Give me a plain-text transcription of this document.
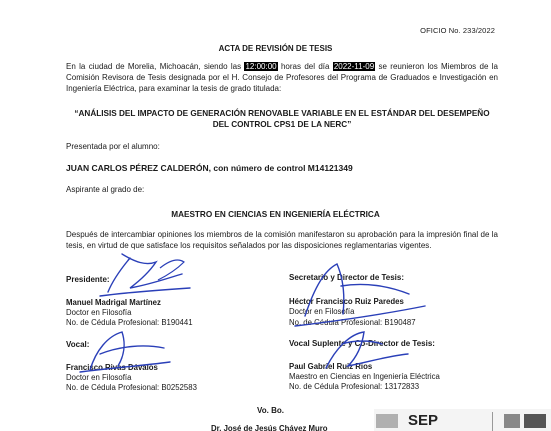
OFICIO No. 233/2022
ACTA DE REVISIÓN DE TESIS
En la ciudad de Morelia, Michoacán, siendo las 12:00:00 horas del día 2022-11-09 se reunieron los Miembros de la Comisión Revisora de Tesis designada por el H. Consejo de Profesores del Programa de Graduados e Investigación en Ingeniería Eléctrica, para examinar la tesis de grado titulada:
“ANÁLISIS DEL IMPACTO DE GENERACIÓN RENOVABLE VARIABLE EN EL ESTÁNDAR DEL DESEMPEÑO DEL CONTROL CPS1 DE LA NERC”
Presentada por el alumno:
JUAN CARLOS PÉREZ CALDERÓN, con número de control M14121349
Aspirante al grado de:
MAESTRO EN CIENCIAS EN INGENIERÍA ELÉCTRICA
Después de intercambiar opiniones los miembros de la comisión manifestaron su aprobación para la impresión final de la tesis, en virtud de que satisface los requisitos señalados por las disposiciones reglamentarias vigentes.
Presidente:
Manuel Madrigal Martínez
Doctor en Filosofía
No. de Cédula Profesional: B190441
Secretario y Director de Tesis:
Héctor Francisco Ruiz Paredes
Doctor en Filosofía
No. de Cédula Profesional: B190487
Vocal:
Francisco Rivas Dávalos
Doctor en Filosofía
No. de Cédula Profesional: B0252583
Vocal Suplente y Co-Director de Tesis:
Paul Gabriel Ruiz Rios
Maestro en Ciencias en Ingeniería Eléctrica
No. de Cédula Profesional: 13172833
Vo. Bo.
Dr. José de Jesús Chávez Muro	SEP
